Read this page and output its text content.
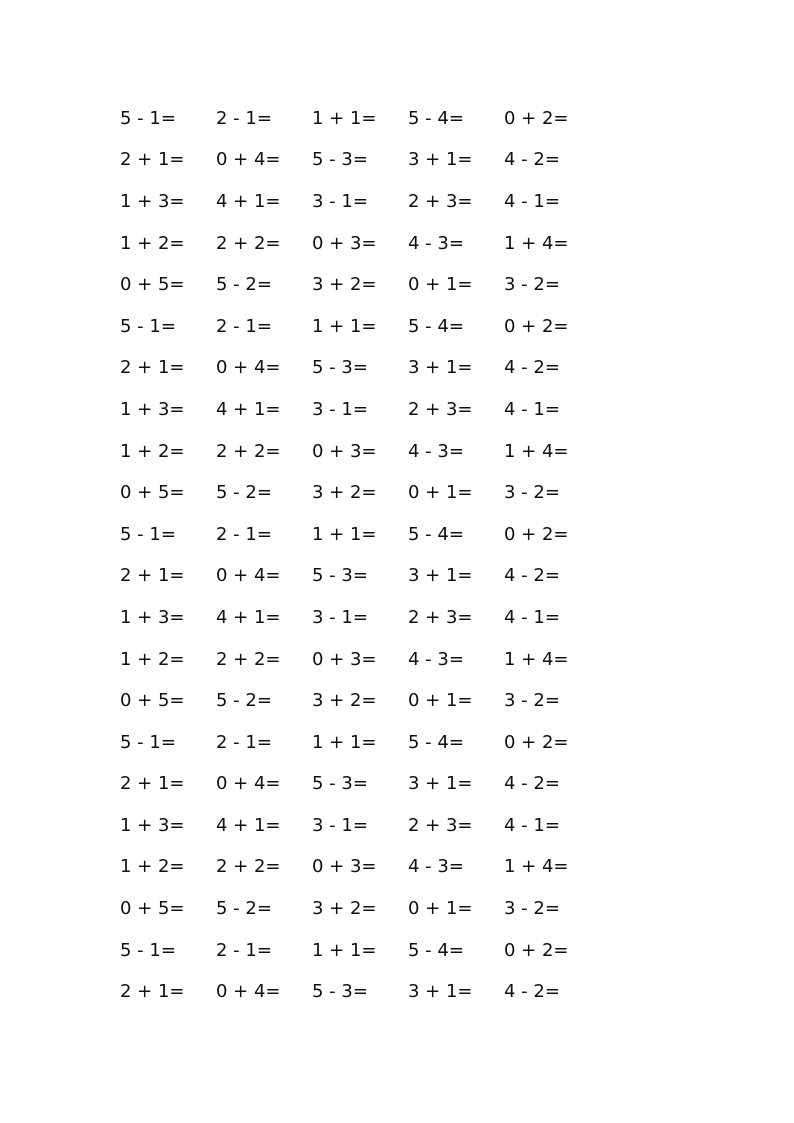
5 - 1=	2 - 1=	1 + 1=	5 - 4=	0 + 2=
2 + 1=	0 + 4=	5 - 3=	3 + 1=	4 - 2=
1 + 3=	4 + 1=	3 - 1=	2 + 3=	4 - 1=
1 + 2=	2 + 2=	0 + 3=	4 - 3=	1 + 4=
0 + 5=	5 - 2=	3 + 2=	0 + 1=	3 - 2=
5 - 1=	2 - 1=	1 + 1=	5 - 4=	0 + 2=
2 + 1=	0 + 4=	5 - 3=	3 + 1=	4 - 2=
1 + 3=	4 + 1=	3 - 1=	2 + 3=	4 - 1=
1 + 2=	2 + 2=	0 + 3=	4 - 3=	1 + 4=
0 + 5=	5 - 2=	3 + 2=	0 + 1=	3 - 2=
5 - 1=	2 - 1=	1 + 1=	5 - 4=	0 + 2=
2 + 1=	0 + 4=	5 - 3=	3 + 1=	4 - 2=
1 + 3=	4 + 1=	3 - 1=	2 + 3=	4 - 1=
1 + 2=	2 + 2=	0 + 3=	4 - 3=	1 + 4=
0 + 5=	5 - 2=	3 + 2=	0 + 1=	3 - 2=
5 - 1=	2 - 1=	1 + 1=	5 - 4=	0 + 2=
2 + 1=	0 + 4=	5 - 3=	3 + 1=	4 - 2=
1 + 3=	4 + 1=	3 - 1=	2 + 3=	4 - 1=
1 + 2=	2 + 2=	0 + 3=	4 - 3=	1 + 4=
0 + 5=	5 - 2=	3 + 2=	0 + 1=	3 - 2=
5 - 1=	2 - 1=	1 + 1=	5 - 4=	0 + 2=
2 + 1=	0 + 4=	5 - 3=	3 + 1=	4 - 2=
